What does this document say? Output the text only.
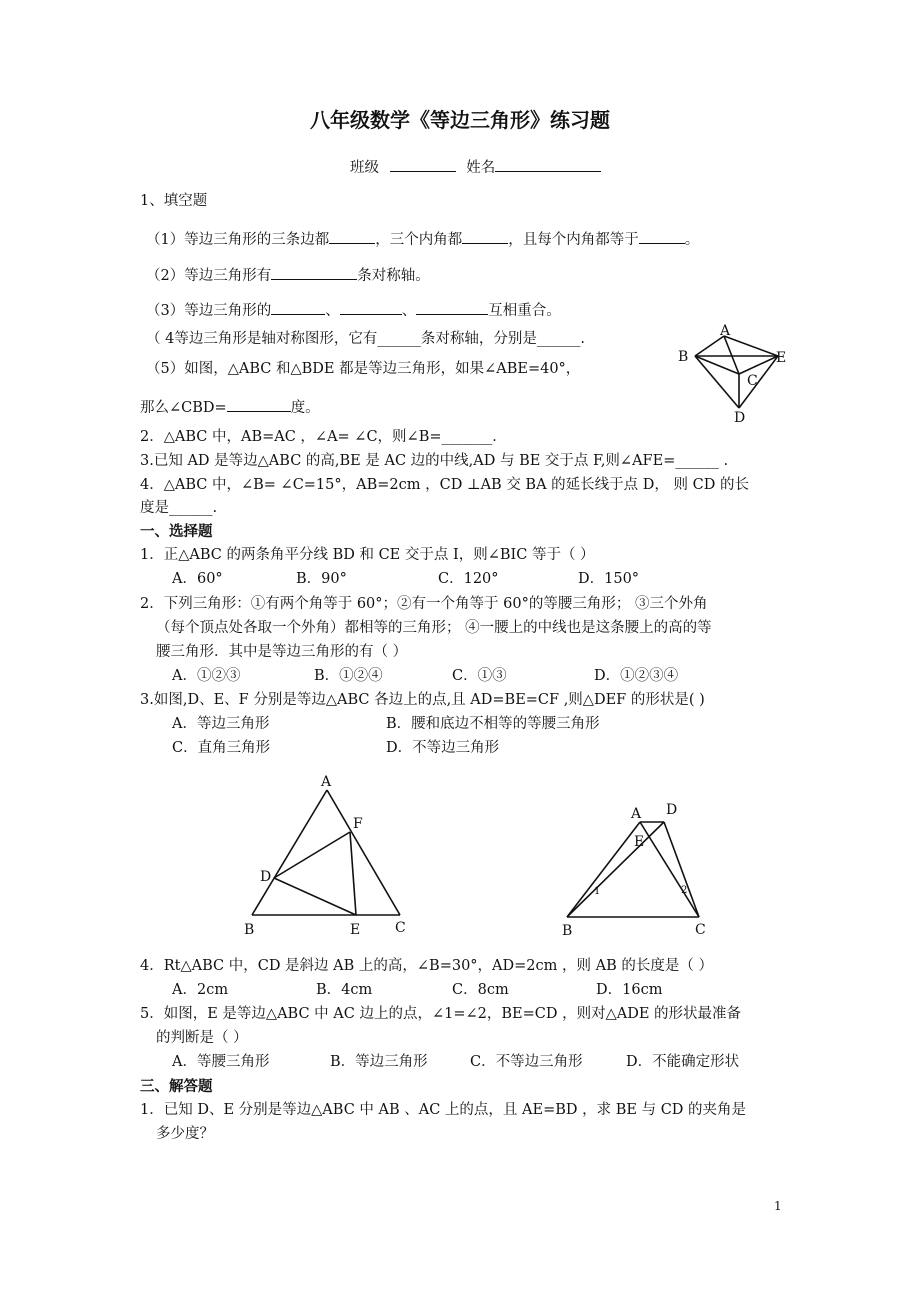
八年级数学《等边三角形》练习题
班级	姓名
1、填空题
（1）等边三角形的三条边都	，三个内角都	，且每个内角都等于	。
（2）等边三角形有	条对称轴。
（3）等边三角形的	、	、	互相重合。
（ 4等边三角形是轴对称图形，它有______条对称轴，分别是______.
（5）如图，△ABC 和△BDE 都是等边三角形，如果∠ABE=40°，
那么∠CBD=	度。
A
B	E
C
D
2．△ABC 中，AB=AC ，∠A= ∠C，则∠B=_______．
3.已知 AD 是等边△ABC 的高,BE 是 AC 边的中线,AD 与 BE 交于点 F,则∠AFE=______ .
4．△ABC 中，∠B= ∠C=15°，AB=2cm ，CD ⊥AB 交 BA 的延长线于点 D， 则 CD 的长
度是______.
一、选择题
1．正△ABC 的两条角平分线 BD 和 CE 交于点 I，则∠BIC 等于（ ）
A．60°	B．90°	C．120°	D．150°
2．下列三角形：①有两个角等于 60°；②有一个角等于 60°的等腰三角形； ③三个外角
（每个顶点处各取一个外角）都相等的三角形； ④一腰上的中线也是这条腰上的高的等
腰三角形．其中是等边三角形的有（ ）
A．①②③	B．①②④	C．①③	D．①②③④
3.如图,D、E、F 分别是等边△ABC 各边上的点,且 AD=BE=CF ,则△DEF 的形状是( )
A．等边三角形	B．腰和底边不相等的等腰三角形
C．直角三角形	D．不等边三角形
A
F
D
B	E C
A D
E
1	2
B	C
4．Rt△ABC 中，CD 是斜边 AB 上的高，∠B=30°，AD=2cm ，则 AB 的长度是（ ）
A．2cm	B．4cm	C．8cm	D．16cm
5．如图，E 是等边△ABC 中 AC 边上的点，∠1=∠2，BE=CD ，则对△ADE 的形状最准备
的判断是（ ）
A．等腰三角形	B．等边三角形	C．不等边三角形	D．不能确定形状
三、解答题
1．已知 D、E 分别是等边△ABC 中 AB 、AC 上的点，且 AE=BD ，求 BE 与 CD 的夹角是
多少度？
1
